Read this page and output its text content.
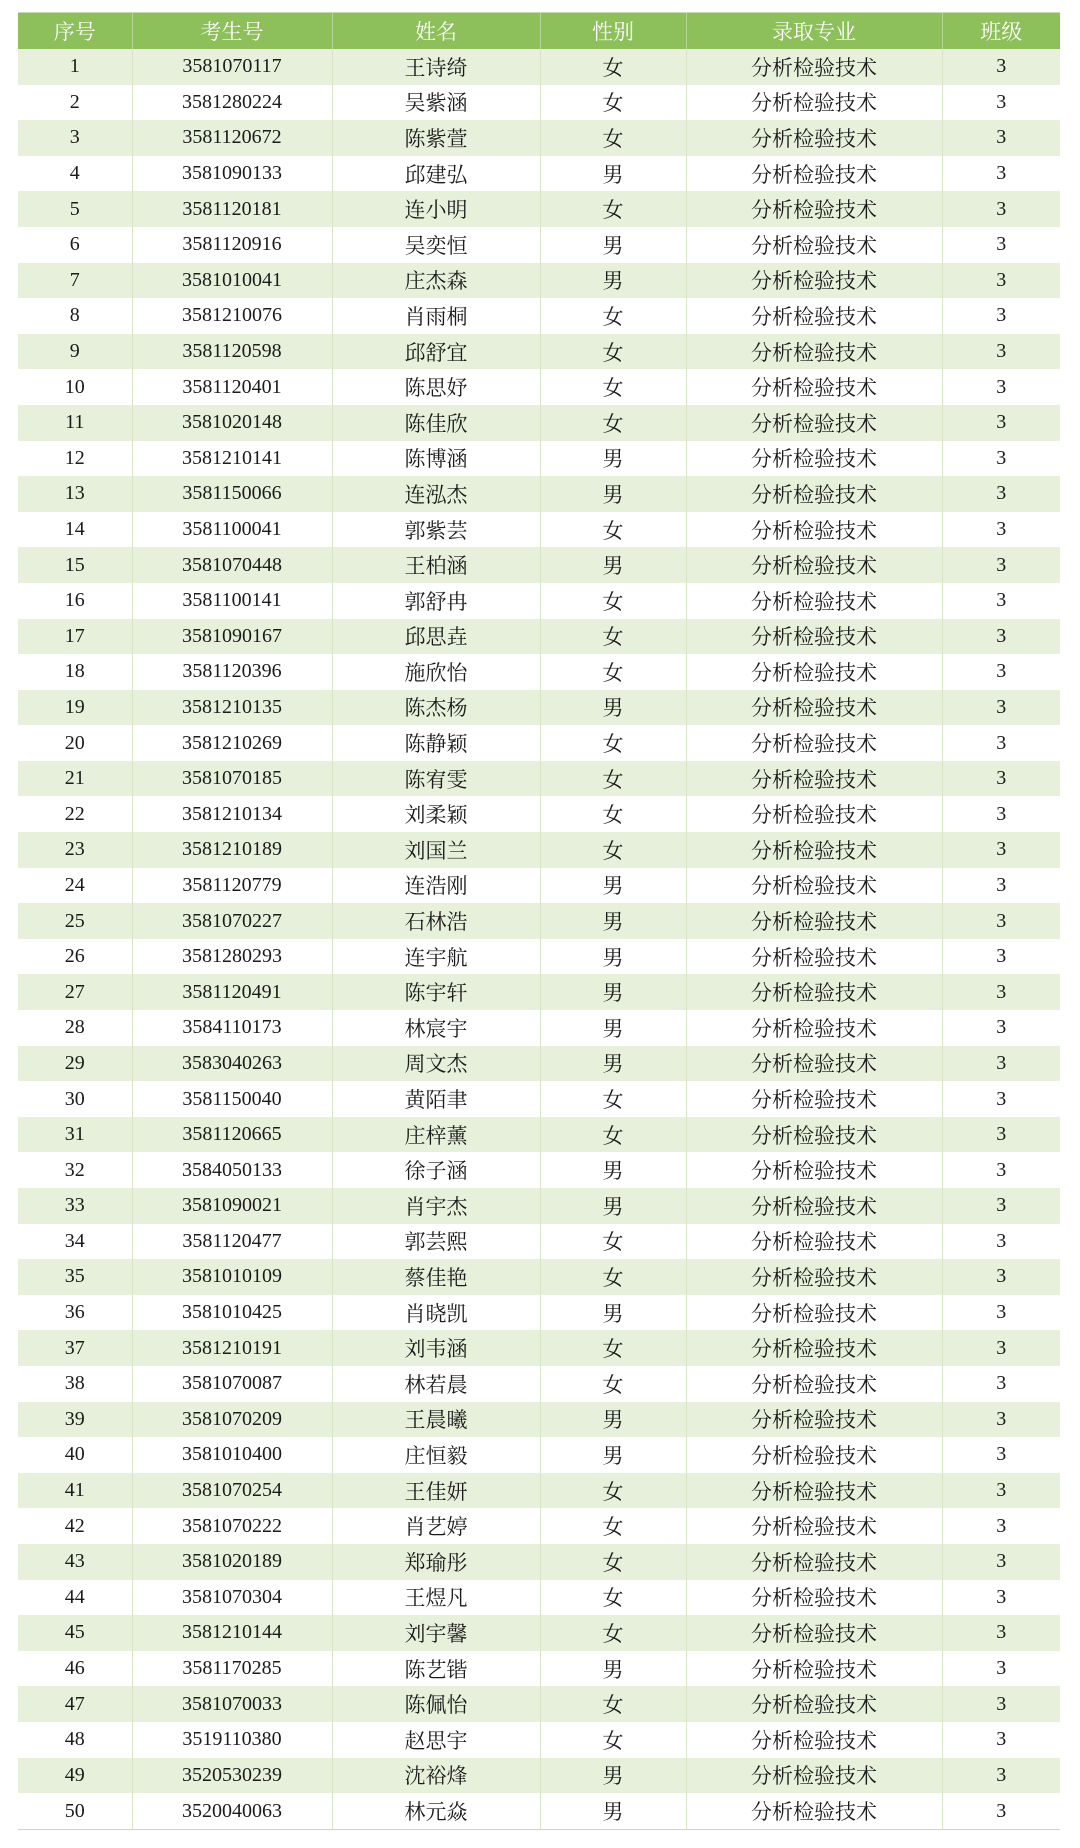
序号	考生号	姓名	性别	录取专业	班级
1	3581070117	王诗绮	女	分析检验技术	3
2	3581280224	吴紫涵	女	分析检验技术	3
3	3581120672	陈紫萱	女	分析检验技术	3
4	3581090133	邱建弘	男	分析检验技术	3
5	3581120181	连小明	女	分析检验技术	3
6	3581120916	吴奕恒	男	分析检验技术	3
7	3581010041	庄杰森	男	分析检验技术	3
8	3581210076	肖雨桐	女	分析检验技术	3
9	3581120598	邱舒宜	女	分析检验技术	3
10	3581120401	陈思妤	女	分析检验技术	3
11	3581020148	陈佳欣	女	分析检验技术	3
12	3581210141	陈博涵	男	分析检验技术	3
13	3581150066	连泓杰	男	分析检验技术	3
14	3581100041	郭紫芸	女	分析检验技术	3
15	3581070448	王柏涵	男	分析检验技术	3
16	3581100141	郭舒冉	女	分析检验技术	3
17	3581090167	邱思垚	女	分析检验技术	3
18	3581120396	施欣怡	女	分析检验技术	3
19	3581210135	陈杰杨	男	分析检验技术	3
20	3581210269	陈静颖	女	分析检验技术	3
21	3581070185	陈宥雯	女	分析检验技术	3
22	3581210134	刘柔颖	女	分析检验技术	3
23	3581210189	刘国兰	女	分析检验技术	3
24	3581120779	连浩刚	男	分析检验技术	3
25	3581070227	石林浩	男	分析检验技术	3
26	3581280293	连宇航	男	分析检验技术	3
27	3581120491	陈宇轩	男	分析检验技术	3
28	3584110173	林宸宇	男	分析检验技术	3
29	3583040263	周文杰	男	分析检验技术	3
30	3581150040	黄陌聿	女	分析检验技术	3
31	3581120665	庄梓薰	女	分析检验技术	3
32	3584050133	徐子涵	男	分析检验技术	3
33	3581090021	肖宇杰	男	分析检验技术	3
34	3581120477	郭芸熙	女	分析检验技术	3
35	3581010109	蔡佳艳	女	分析检验技术	3
36	3581010425	肖晓凯	男	分析检验技术	3
37	3581210191	刘韦涵	女	分析检验技术	3
38	3581070087	林若晨	女	分析检验技术	3
39	3581070209	王晨曦	男	分析检验技术	3
40	3581010400	庄恒毅	男	分析检验技术	3
41	3581070254	王佳妍	女	分析检验技术	3
42	3581070222	肖艺婷	女	分析检验技术	3
43	3581020189	郑瑜彤	女	分析检验技术	3
44	3581070304	王煜凡	女	分析检验技术	3
45	3581210144	刘宇馨	女	分析检验技术	3
46	3581170285	陈艺锴	男	分析检验技术	3
47	3581070033	陈佩怡	女	分析检验技术	3
48	3519110380	赵思宇	女	分析检验技术	3
49	3520530239	沈裕烽	男	分析检验技术	3
50	3520040063	林元焱	男	分析检验技术	3
